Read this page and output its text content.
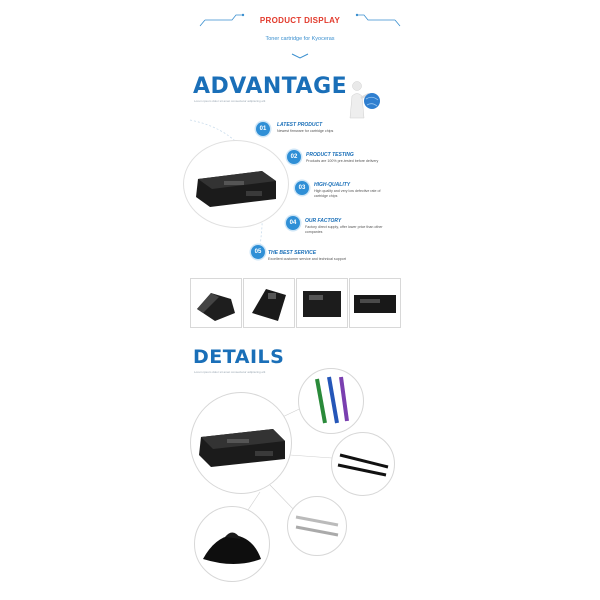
PRODUCT DISPLAY
Toner cartridge for Kyoceras
ADVANTAGE
Lorem ipsum dolor sit amet consectetur adipiscing elit
01
LATEST PRODUCT
Newest firmware for cartridge chips
02	PRODUCT TESTING
Products are 100% pre-tested before delivery
03	HIGH-QUALITY
High quality and very low defective rate of cartridge chips
04	OUR FACTORY
Factory direct supply, offer lower price than other companies
05	THE BEST SERVICE
Excellent customer service and technical support
DETAILS
Lorem ipsum dolor sit amet consectetur adipiscing elit
